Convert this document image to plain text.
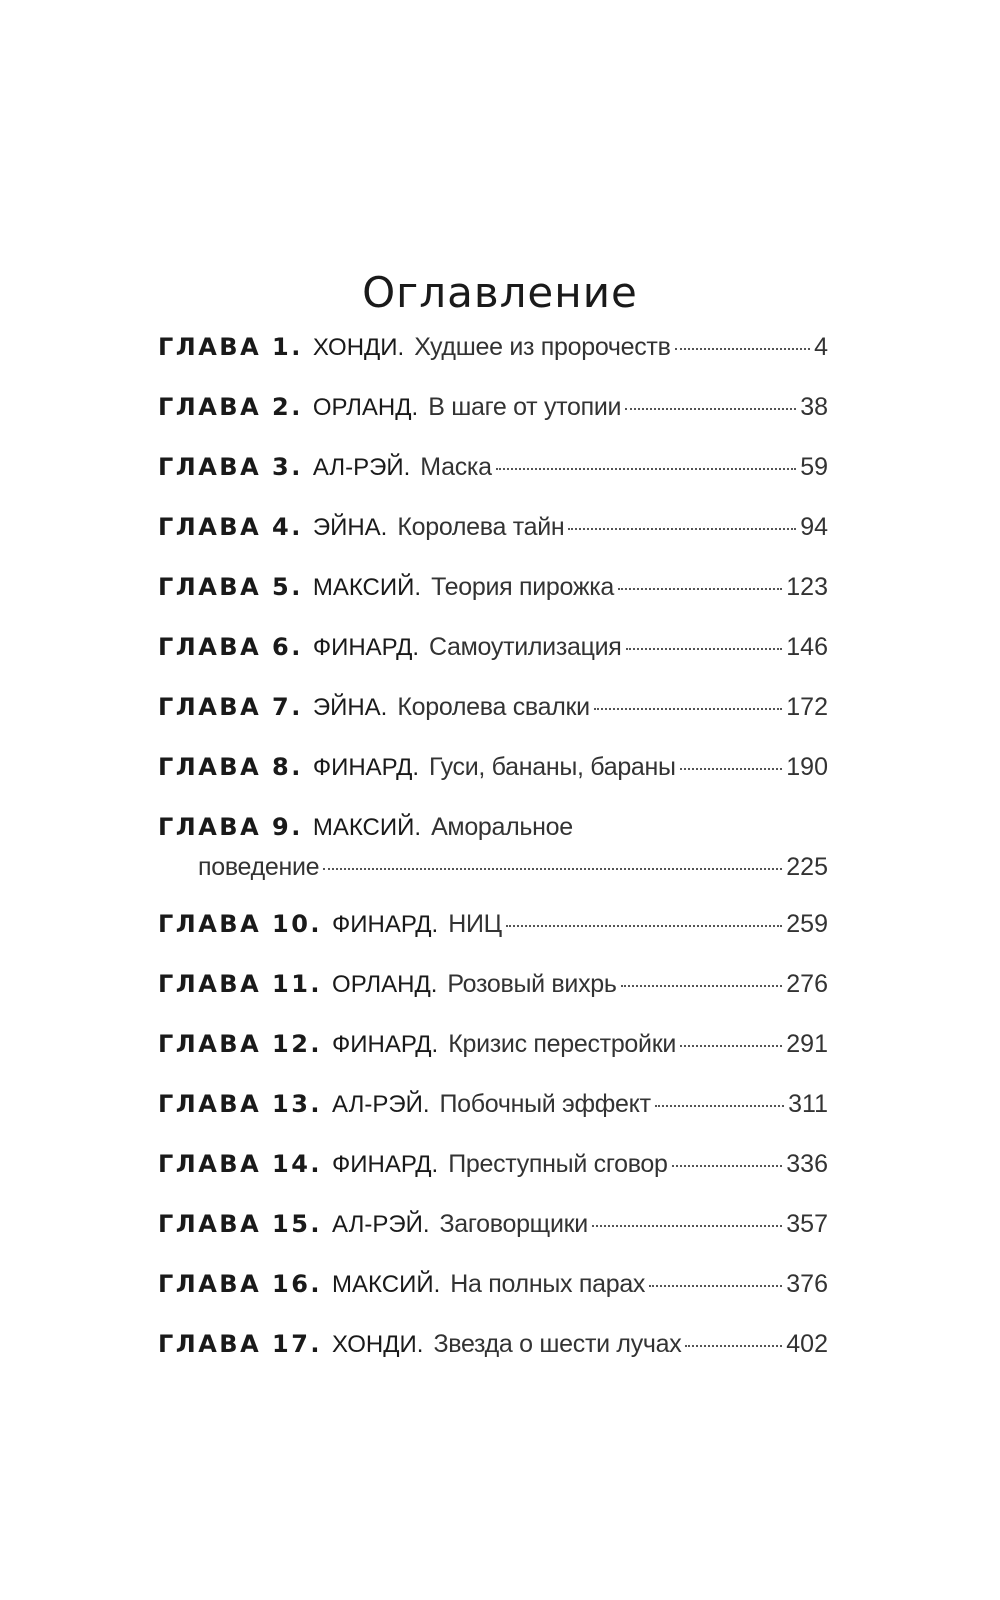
Оглавление
ГЛАВА 1. ХОНДИ. Худшее из пророчеств	4
ГЛАВА 2. ОРЛАНД. В шаге от утопии	38
ГЛАВА 3. АЛ-РЭЙ. Маска	59
ГЛАВА 4. ЭЙНА. Королева тайн	94
ГЛАВА 5. МАКСИЙ. Теория пирожка	123
ГЛАВА 6. ФИНАРД. Самоутилизация	146
ГЛАВА 7. ЭЙНА. Королева свалки	172
ГЛАВА 8. ФИНАРД. Гуси, бананы, бараны	190
ГЛАВА 9. МАКСИЙ. Аморальное
поведение	225
ГЛАВА 10. ФИНАРД. НИЦ	259
ГЛАВА 11. ОРЛАНД. Розовый вихрь	276
ГЛАВА 12. ФИНАРД. Кризис перестройки	291
ГЛАВА 13. АЛ-РЭЙ. Побочный эффект	311
ГЛАВА 14. ФИНАРД. Преступный сговор	336
ГЛАВА 15. АЛ-РЭЙ. Заговорщики	357
ГЛАВА 16. МАКСИЙ. На полных парах	376
ГЛАВА 17. ХОНДИ. Звезда о шести лучах	402
